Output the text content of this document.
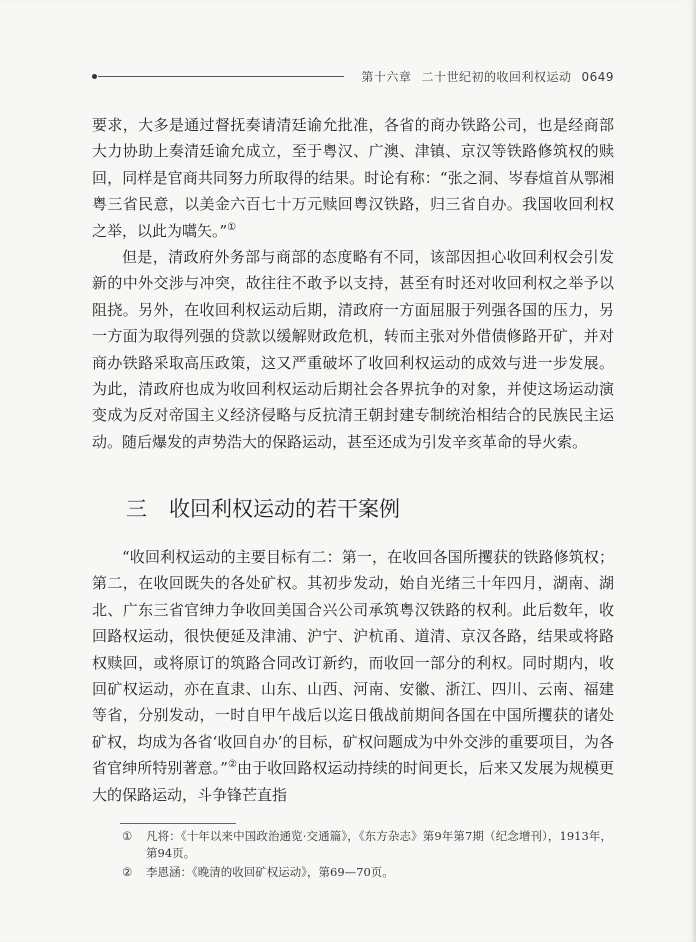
第十六章 二十世纪初的收回利权运动 0649

要求，大多是通过督抚奏请清廷谕允批准，各省的商办铁路公司，也是经商部大力协助上奏清廷谕允成立，至于粤汉、广澳、津镇、京汉等铁路修筑权的赎回，同样是官商共同努力所取得的结果。时论有称：“张之洞、岑春煊首从鄂湘粤三省民意，以美金六百七十万元赎回粤汉铁路，归三省自办。我国收回利权之举，以此为嚆矢。”①

但是，清政府外务部与商部的态度略有不同，该部因担心收回利权会引发新的中外交涉与冲突，故往往不敢予以支持，甚至有时还对收回利权之举予以阻挠。另外，在收回利权运动后期，清政府一方面屈服于列强各国的压力，另一方面为取得列强的贷款以缓解财政危机，转而主张对外借债修路开矿，并对商办铁路采取高压政策，这又严重破坏了收回利权运动的成效与进一步发展。为此，清政府也成为收回利权运动后期社会各界抗争的对象，并使这场运动演变成为反对帝国主义经济侵略与反抗清王朝封建专制统治相结合的民族民主运动。随后爆发的声势浩大的保路运动，甚至还成为引发辛亥革命的导火索。

三 收回利权运动的若干案例

“收回利权运动的主要目标有二：第一，在收回各国所攫获的铁路修筑权；第二，在收回既失的各处矿权。其初步发动，始自光绪三十年四月，湖南、湖北、广东三省官绅力争收回美国合兴公司承筑粤汉铁路的权利。此后数年，收回路权运动，很快便延及津浦、沪宁、沪杭甬、道清、京汉各路，结果或将路权赎回，或将原订的筑路合同改订新约，而收回一部分的利权。同时期内，收回矿权运动，亦在直隶、山东、山西、河南、安徽、浙江、四川、云南、福建等省，分别发动，一时自甲午战后以迄日俄战前期间各国在中国所攫获的诸处矿权，均成为各省‘收回自办’的目标，矿权问题成为中外交涉的重要项目，为各省官绅所特别著意。”②由于收回路权运动持续的时间更长，后来又发展为规模更大的保路运动，斗争锋芒直指

① 凡将：《十年以来中国政治通览·交通篇》，《东方杂志》第9年第7期（纪念增刊），1913年，第94页。
② 李恩涵：《晚清的收回矿权运动》，第69—70页。
